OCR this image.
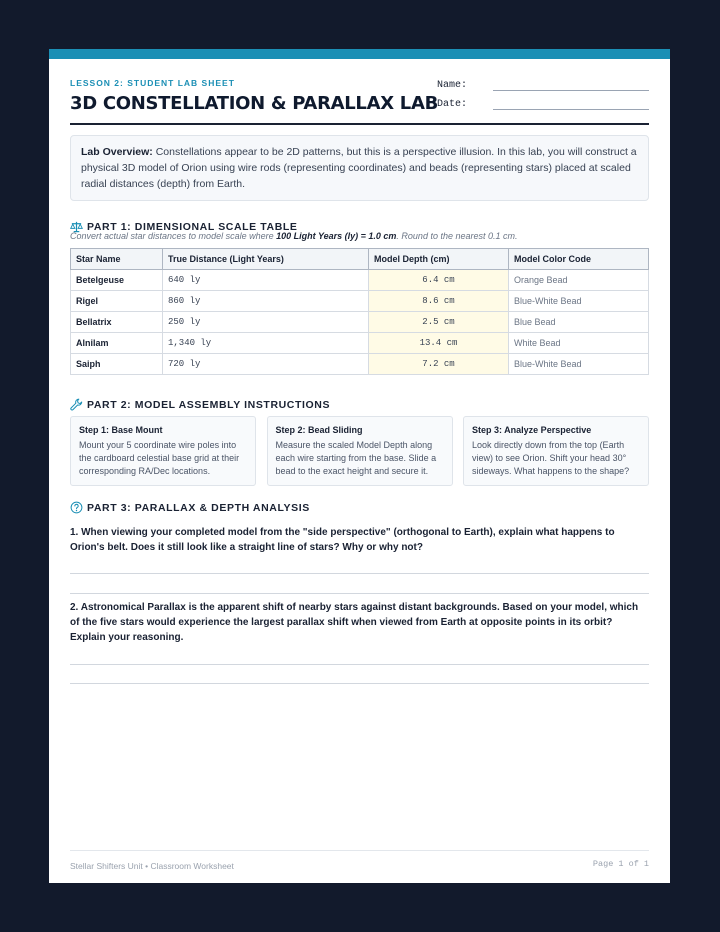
LESSON 2: STUDENT LAB SHEET
3D CONSTELLATION & PARALLAX LAB
Name:
Date:
Lab Overview: Constellations appear to be 2D patterns, but this is a perspective illusion. In this lab, you will construct a physical 3D model of Orion using wire rods (representing coordinates) and beads (representing stars) placed at scaled radial distances (depth) from Earth.
PART 1: DIMENSIONAL SCALE TABLE
Convert actual star distances to model scale where 100 Light Years (ly) = 1.0 cm. Round to the nearest 0.1 cm.
Star Name	True Distance (Light Years)	Model Depth (cm)	Model Color Code
Betelgeuse	640 ly	6.4 cm	Orange Bead
Rigel	860 ly	8.6 cm	Blue-White Bead
Bellatrix	250 ly	2.5 cm	Blue Bead
Alnilam	1,340 ly	13.4 cm	White Bead
Saiph	720 ly	7.2 cm	Blue-White Bead
PART 2: MODEL ASSEMBLY INSTRUCTIONS
Step 1: Base Mount
Mount your 5 coordinate wire poles into the cardboard celestial base grid at their corresponding RA/Dec locations.
Step 2: Bead Sliding
Measure the scaled Model Depth along each wire starting from the base. Slide a bead to the exact height and secure it.
Step 3: Analyze Perspective
Look directly down from the top (Earth view) to see Orion. Shift your head 30° sideways. What happens to the shape?
PART 3: PARALLAX & DEPTH ANALYSIS
1. When viewing your completed model from the "side perspective" (orthogonal to Earth), explain what happens to Orion's belt. Does it still look like a straight line of stars? Why or why not?
2. Astronomical Parallax is the apparent shift of nearby stars against distant backgrounds. Based on your model, which of the five stars would experience the largest parallax shift when viewed from Earth at opposite points in its orbit? Explain your reasoning.
Stellar Shifters Unit • Classroom Worksheet	Page 1 of 1
